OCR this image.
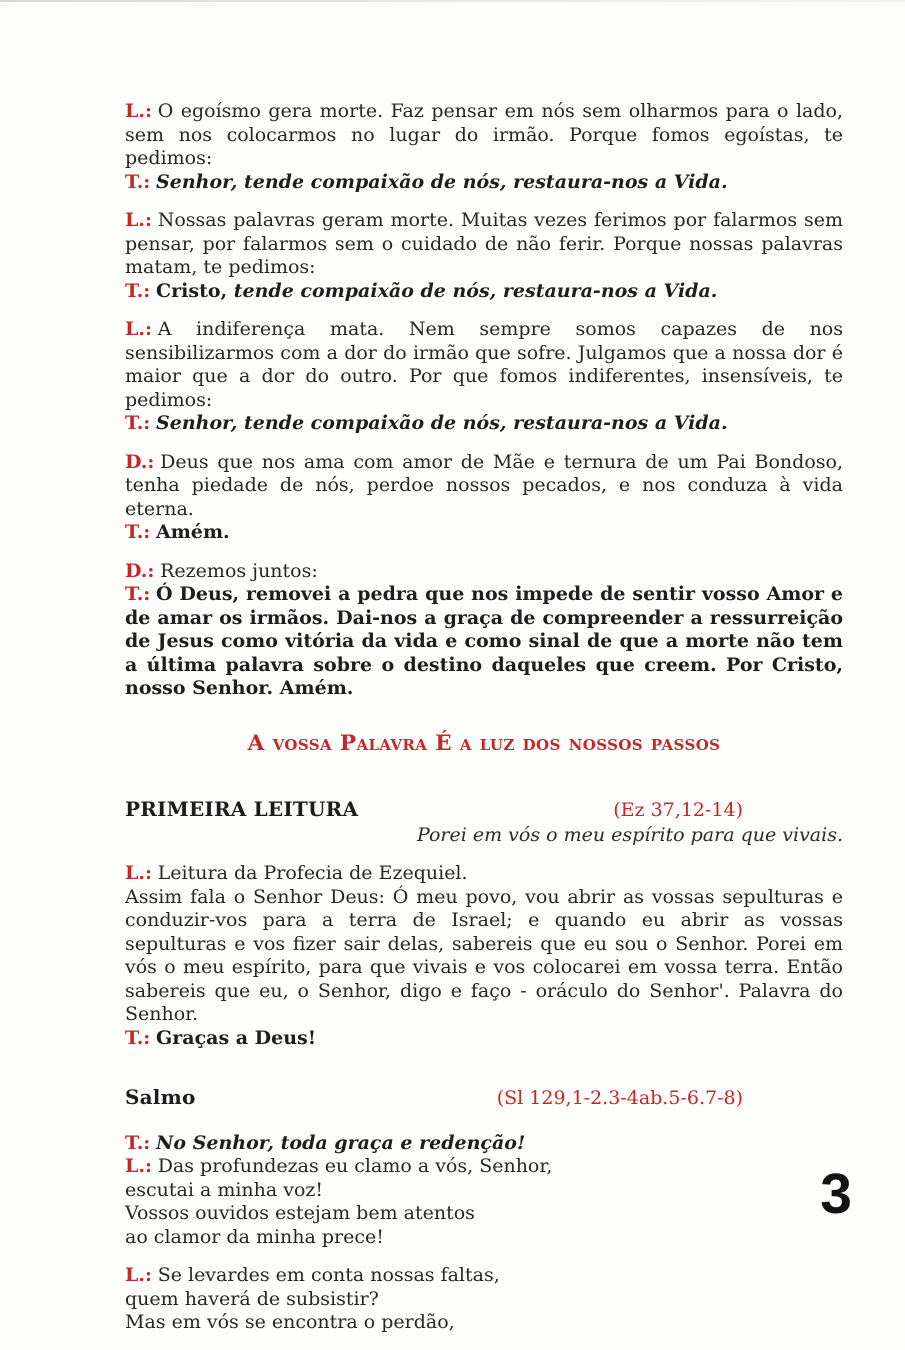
L.: O egoísmo gera morte. Faz pensar em nós sem olharmos para o lado, sem nos colocarmos no lugar do irmão. Porque fomos egoístas, te pedimos:

T.: Senhor, tende compaixão de nós, restaura-nos a Vida.

L.: Nossas palavras geram morte. Muitas vezes ferimos por falarmos sem pensar, por falarmos sem o cuidado de não ferir. Porque nossas palavras matam, te pedimos:

T.: Cristo, tende compaixão de nós, restaura-nos a Vida.

L.: A indiferença mata. Nem sempre somos capazes de nos sensibilizarmos com a dor do irmão que sofre. Julgamos que a nossa dor é maior que a dor do outro. Por que fomos indiferentes, insensíveis, te pedimos:

T.: Senhor, tende compaixão de nós, restaura-nos a Vida.

D.: Deus que nos ama com amor de Mãe e ternura de um Pai Bondoso, tenha piedade de nós, perdoe nossos pecados, e nos conduza à vida eterna.

T.: Amém.

D.: Rezemos juntos:

T.: Ó Deus, removei a pedra que nos impede de sentir vosso Amor e de amar os irmãos. Dai-nos a graça de compreender a ressurreição de Jesus como vitória da vida e como sinal de que a morte não tem a última palavra sobre o destino daqueles que creem. Por Cristo, nosso Senhor. Amém.

A vossa Palavra É a luz dos nossos passos
PRIMEIRA LEITURA	(Ez 37,12-14)

Porei em vós o meu espírito para que vivais.

L.: Leitura da Profecia de Ezequiel.

Assim fala o Senhor Deus: Ó meu povo, vou abrir as vossas sepulturas e conduzir-vos para a terra de Israel; e quando eu abrir as vossas sepulturas e vos fizer sair delas, sabereis que eu sou o Senhor. Porei em vós o meu espírito, para que vivais e vos colocarei em vossa terra. Então sabereis que eu, o Senhor, digo e faço - oráculo do Senhor'. Palavra do Senhor.

T.: Graças a Deus!

Salmo	(Sl 129,1-2.3-4ab.5-6.7-8)

T.: No Senhor, toda graça e redenção!

L.: Das profundezas eu clamo a vós, Senhor,

escutai a minha voz!

Vossos ouvidos estejam bem atentos

ao clamor da minha prece!

L.: Se levardes em conta nossas faltas,

quem haverá de subsistir?

Mas em vós se encontra o perdão,

3
